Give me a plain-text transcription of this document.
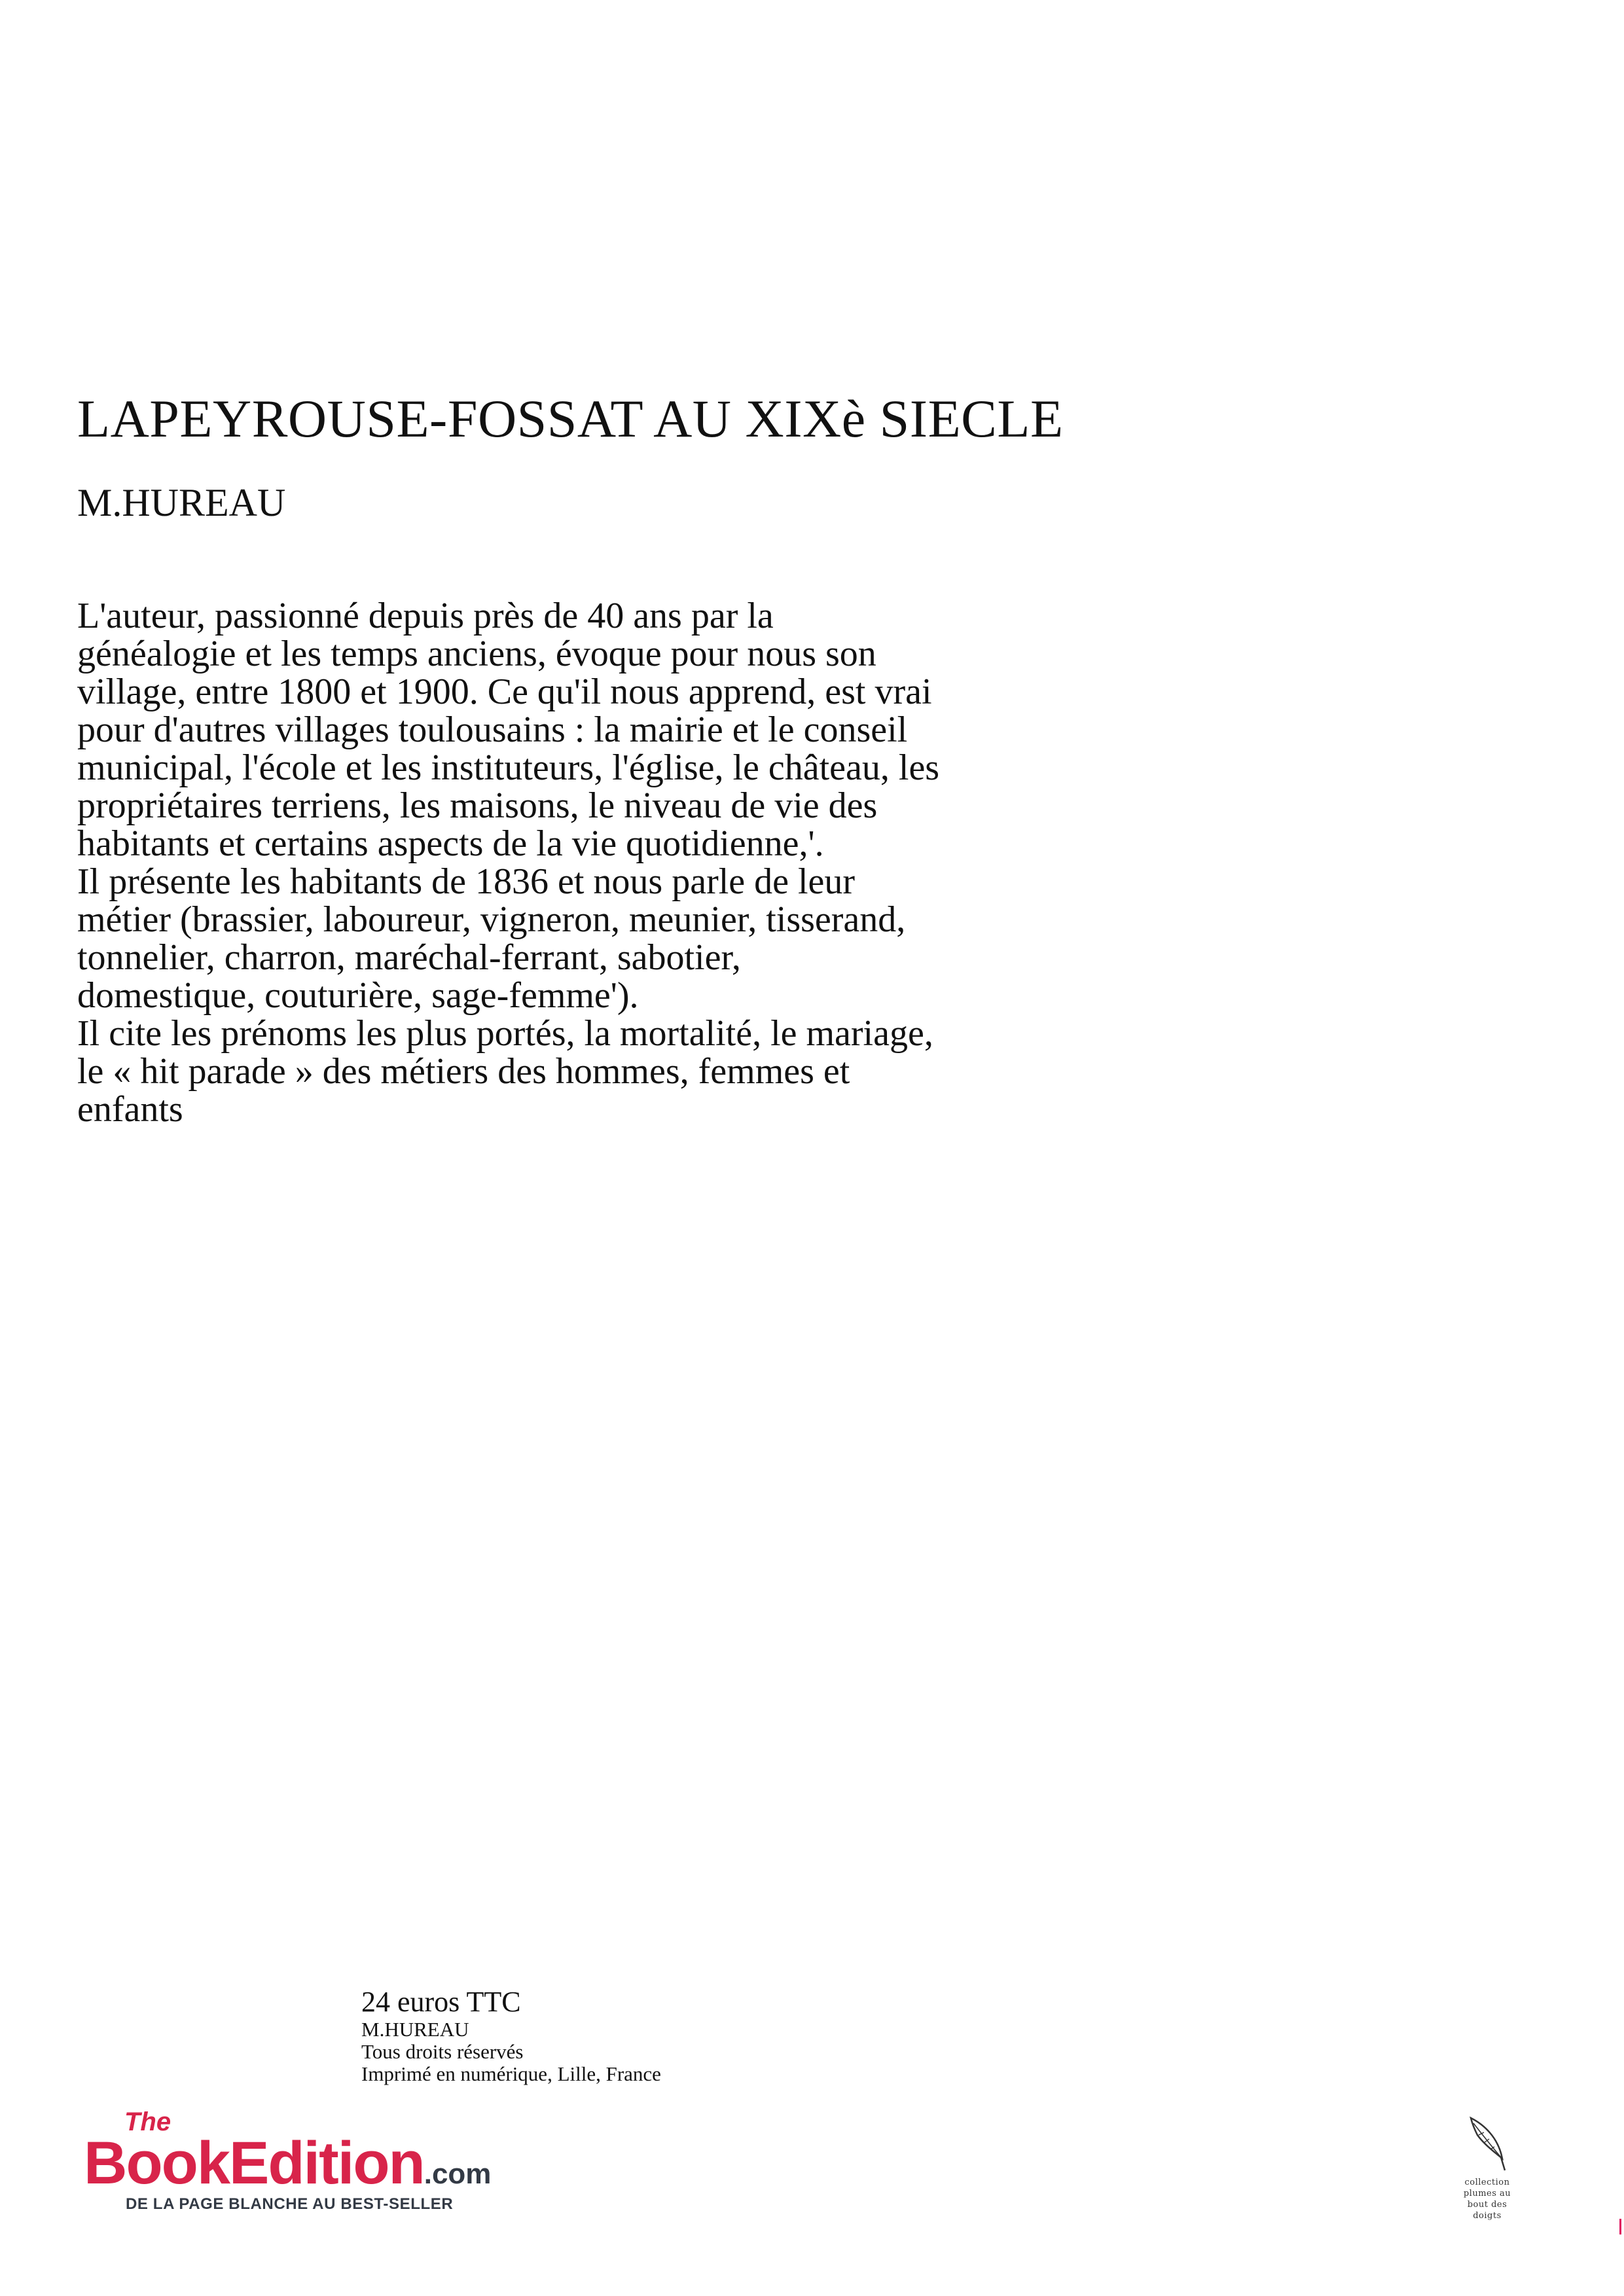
LAPEYROUSE-FOSSAT AU XIXè SIECLE
M.HUREAU
L'auteur, passionné depuis près de 40 ans par la
généalogie et les temps anciens, évoque pour nous son
village, entre 1800 et 1900. Ce qu'il nous apprend, est vrai
pour d'autres villages toulousains : la mairie et le conseil
municipal, l'école et les instituteurs, l'église, le château, les
propriétaires terriens, les maisons, le niveau de vie des
habitants et certains aspects de la vie quotidienne,'.
Il présente les habitants de 1836 et nous parle de leur
métier (brassier, laboureur, vigneron, meunier, tisserand,
tonnelier, charron, maréchal-ferrant, sabotier,
domestique, couturière, sage-femme').
Il cite les prénoms les plus portés, la mortalité, le mariage,
le « hit parade » des métiers des hommes, femmes et
enfants
24 euros TTC
M.HUREAU
Tous droits réservés
Imprimé en numérique, Lille, France
The
BookEdition.com
DE LA PAGE BLANCHE AU BEST-SELLER
collection
plumes au
bout des
doigts
